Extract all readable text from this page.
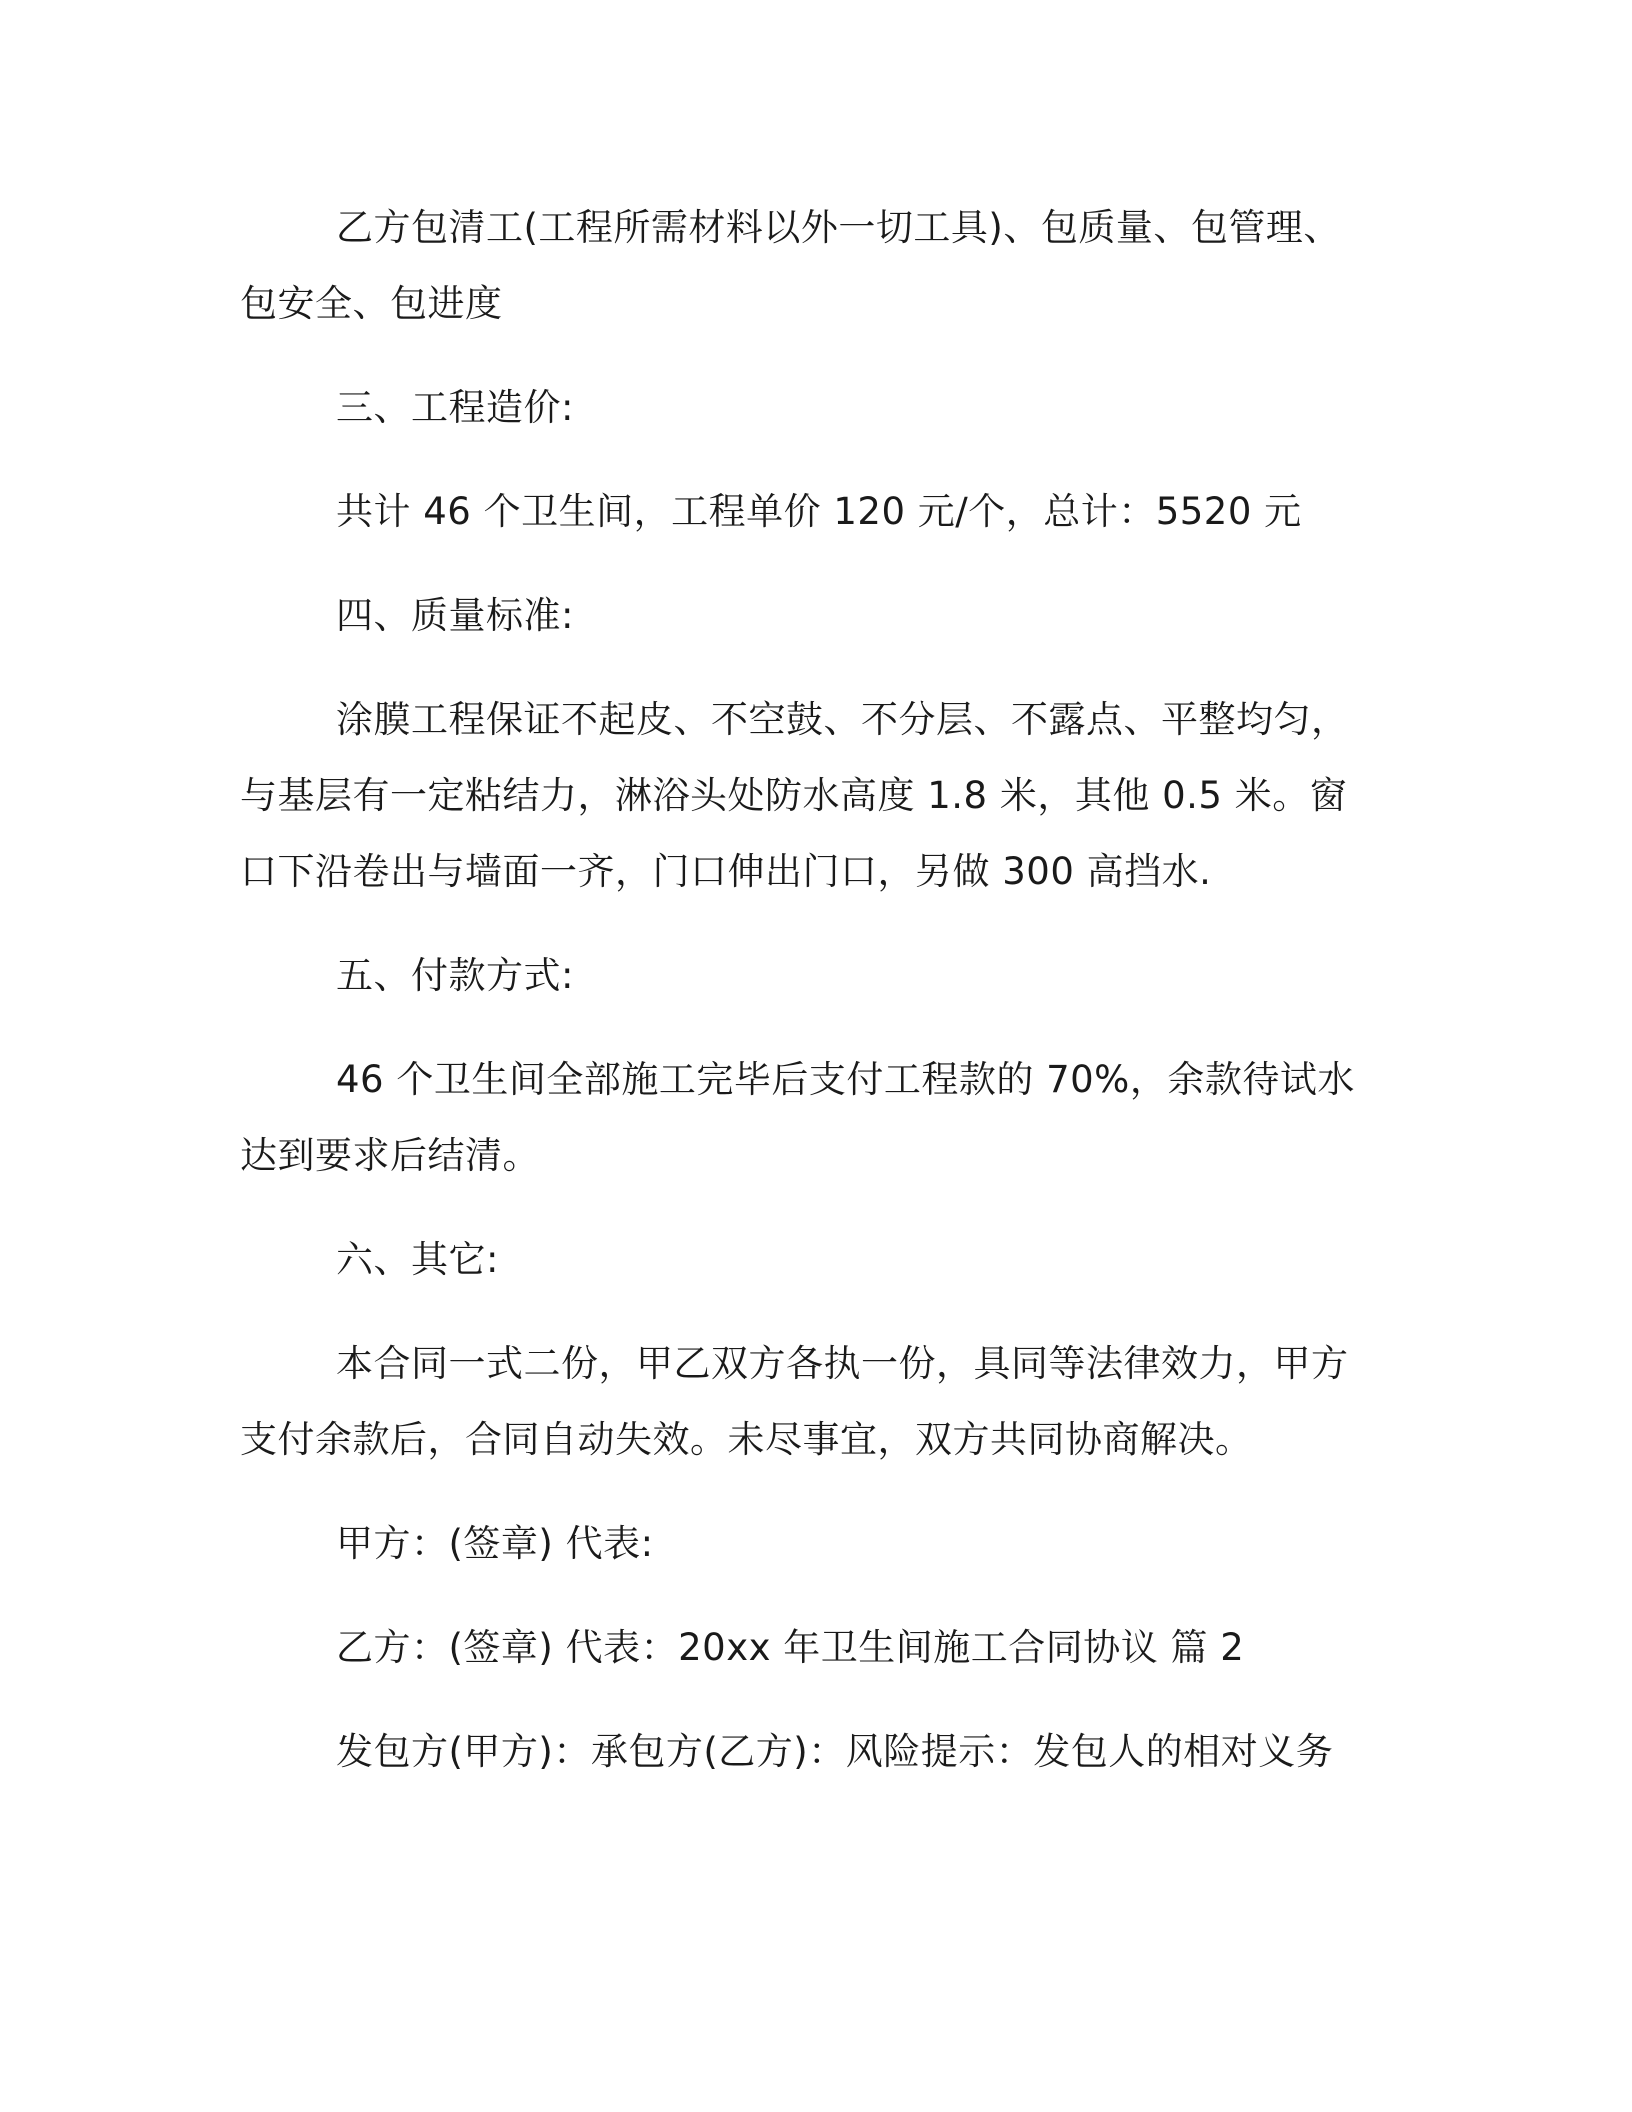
乙方包清工(工程所需材料以外一切工具)、包质量、包管理、包安全、包进度

三、工程造价:

共计 46 个卫生间，工程单价 120 元/个，总计：5520 元

四、质量标准:

涂膜工程保证不起皮、不空鼓、不分层、不露点、平整均匀，与基层有一定粘结力，淋浴头处防水高度 1.8 米，其他 0.5 米。窗口下沿卷出与墙面一齐，门口伸出门口，另做 300 高挡水.

五、付款方式:

46 个卫生间全部施工完毕后支付工程款的 70%，余款待试水达到要求后结清。

六、其它:

本合同一式二份，甲乙双方各执一份，具同等法律效力，甲方支付余款后，合同自动失效。未尽事宜，双方共同协商解决。

甲方：(签章) 代表:

乙方：(签章) 代表：20xx 年卫生间施工合同协议 篇 2

发包方(甲方)：承包方(乙方)：风险提示：发包人的相对义务
